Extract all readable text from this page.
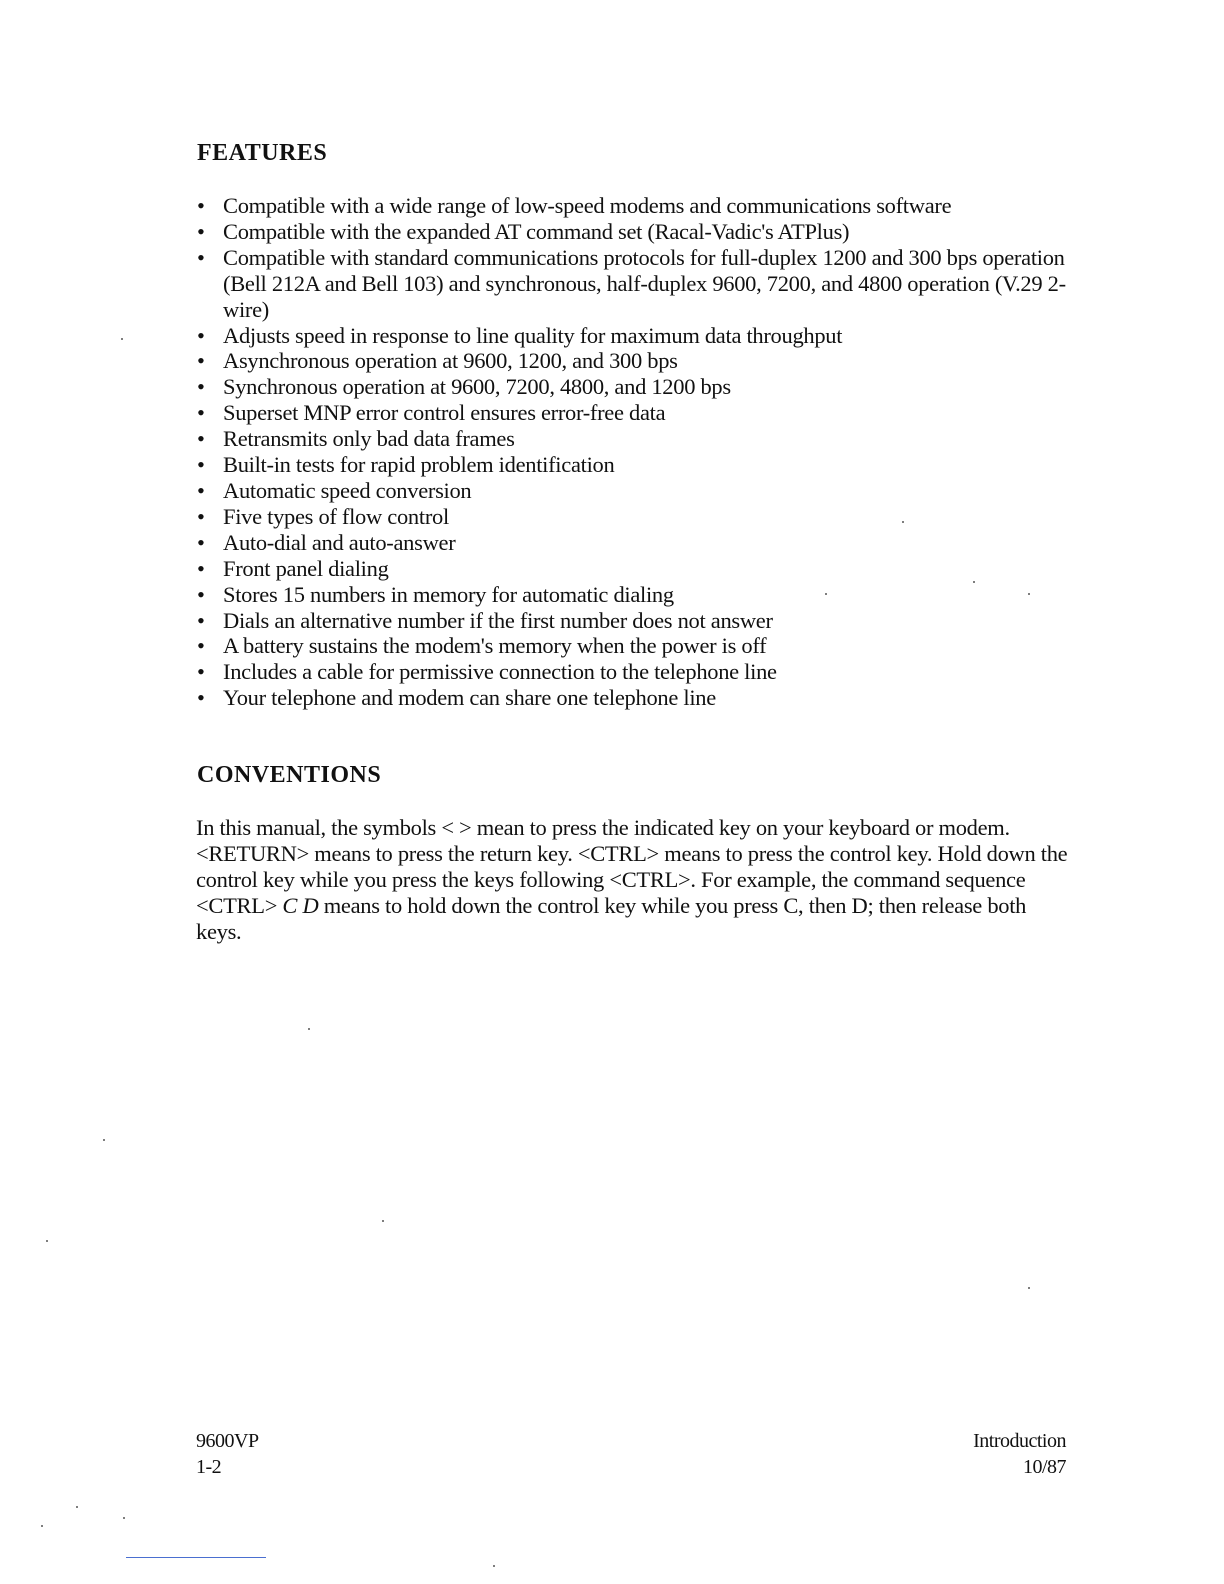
FEATURES
• Compatible with a wide range of low-speed modems and communications software
• Compatible with the expanded AT command set (Racal-Vadic's ATPlus)
• Compatible with standard communications protocols for full-duplex 1200 and 300 bps operation (Bell 212A and Bell 103) and synchronous, half-duplex 9600, 7200, and 4800 operation (V.29 2-wire)
• Adjusts speed in response to line quality for maximum data throughput
• Asynchronous operation at 9600, 1200, and 300 bps
• Synchronous operation at 9600, 7200, 4800, and 1200 bps
• Superset MNP error control ensures error-free data
• Retransmits only bad data frames
• Built-in tests for rapid problem identification
• Automatic speed conversion
• Five types of flow control
• Auto-dial and auto-answer
• Front panel dialing
• Stores 15 numbers in memory for automatic dialing
• Dials an alternative number if the first number does not answer
• A battery sustains the modem's memory when the power is off
• Includes a cable for permissive connection to the telephone line
• Your telephone and modem can share one telephone line
CONVENTIONS

In this manual, the symbols < > mean to press the indicated key on your keyboard or modem. <RETURN> means to press the return key. <CTRL> means to press the control key. Hold down the control key while you press the keys following <CTRL>. For example, the command sequence <CTRL> C D means to hold down the control key while you press C, then D; then release both keys.

9600VP
1-2
Introduction
10/87
